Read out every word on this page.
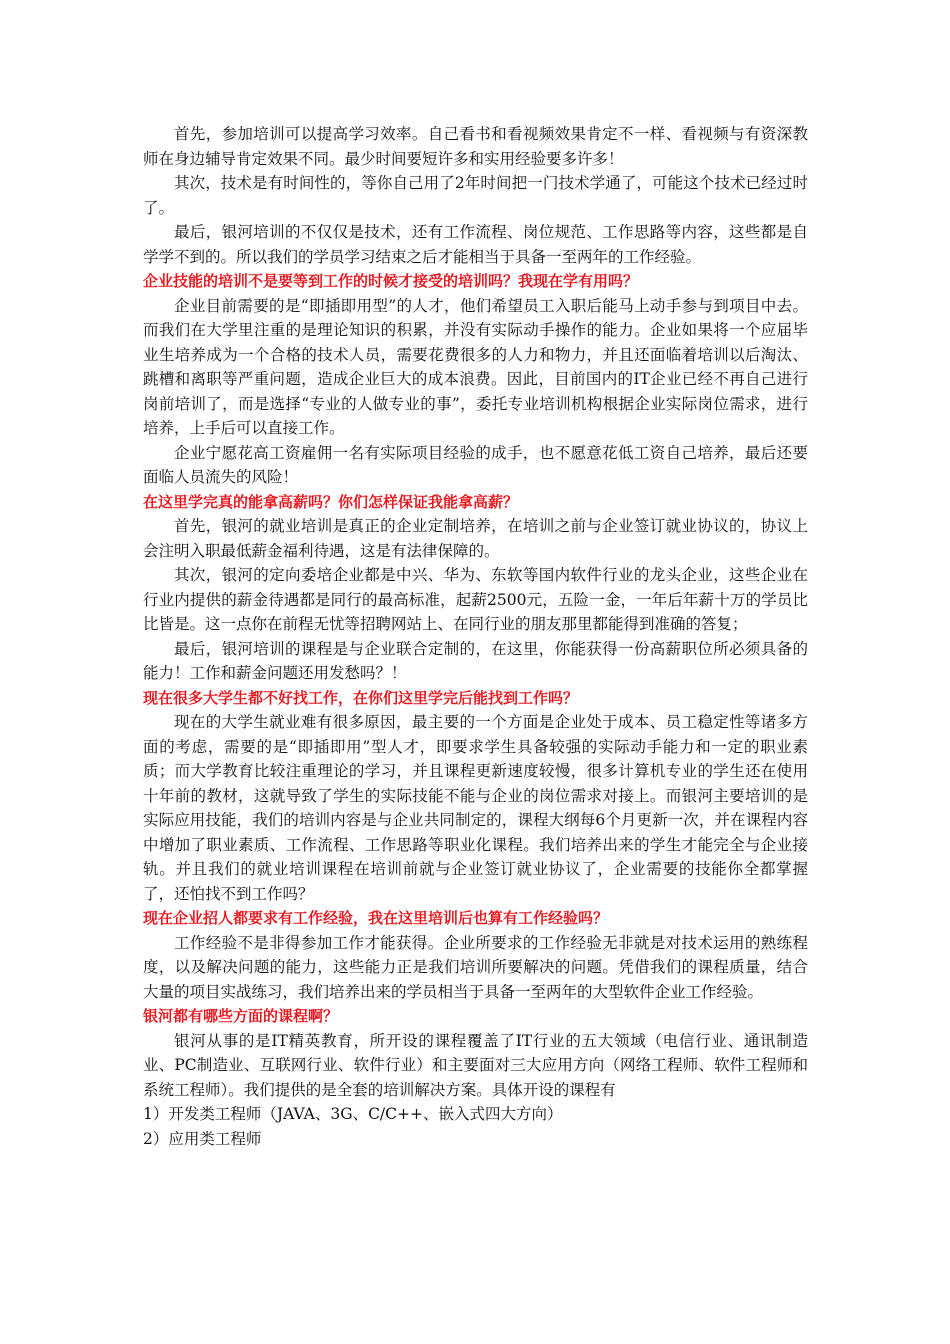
首先，参加培训可以提高学习效率。自己看书和看视频效果肯定不一样、看视频与有资深教师在身边辅导肯定效果不同。最少时间要短许多和实用经验要多许多！

其次，技术是有时间性的，等你自己用了2年时间把一门技术学通了，可能这个技术已经过时了。

最后，银河培训的不仅仅是技术，还有工作流程、岗位规范、工作思路等内容，这些都是自学学不到的。所以我们的学员学习结束之后才能相当于具备一至两年的工作经验。

企业技能的培训不是要等到工作的时候才接受的培训吗？我现在学有用吗？

企业目前需要的是“即插即用型”的人才，他们希望员工入职后能马上动手参与到项目中去。而我们在大学里注重的是理论知识的积累，并没有实际动手操作的能力。企业如果将一个应届毕业生培养成为一个合格的技术人员，需要花费很多的人力和物力，并且还面临着培训以后淘汰、跳槽和离职等严重问题，造成企业巨大的成本浪费。因此，目前国内的IT企业已经不再自己进行岗前培训了，而是选择“专业的人做专业的事”，委托专业培训机构根据企业实际岗位需求，进行培养，上手后可以直接工作。

企业宁愿花高工资雇佣一名有实际项目经验的成手，也不愿意花低工资自己培养，最后还要面临人员流失的风险！

在这里学完真的能拿高薪吗？你们怎样保证我能拿高薪？

首先，银河的就业培训是真正的企业定制培养，在培训之前与企业签订就业协议的，协议上会注明入职最低薪金福利待遇，这是有法律保障的。

其次，银河的定向委培企业都是中兴、华为、东软等国内软件行业的龙头企业，这些企业在行业内提供的薪金待遇都是同行的最高标准，起薪2500元，五险一金，一年后年薪十万的学员比比皆是。这一点你在前程无忧等招聘网站上、在同行业的朋友那里都能得到准确的答复；

最后，银河培训的课程是与企业联合定制的，在这里，你能获得一份高薪职位所必须具备的能力！工作和薪金问题还用发愁吗？！

现在很多大学生都不好找工作，在你们这里学完后能找到工作吗？

现在的大学生就业难有很多原因，最主要的一个方面是企业处于成本、员工稳定性等诸多方面的考虑，需要的是“即插即用”型人才，即要求学生具备较强的实际动手能力和一定的职业素质；而大学教育比较注重理论的学习，并且课程更新速度较慢，很多计算机专业的学生还在使用十年前的教材，这就导致了学生的实际技能不能与企业的岗位需求对接上。而银河主要培训的是实际应用技能，我们的培训内容是与企业共同制定的，课程大纲每6个月更新一次，并在课程内容中增加了职业素质、工作流程、工作思路等职业化课程。我们培养出来的学生才能完全与企业接轨。并且我们的就业培训课程在培训前就与企业签订就业协议了，企业需要的技能你全都掌握了，还怕找不到工作吗？

现在企业招人都要求有工作经验，我在这里培训后也算有工作经验吗？

工作经验不是非得参加工作才能获得。企业所要求的工作经验无非就是对技术运用的熟练程度，以及解决问题的能力，这些能力正是我们培训所要解决的问题。凭借我们的课程质量，结合大量的项目实战练习，我们培养出来的学员相当于具备一至两年的大型软件企业工作经验。

银河都有哪些方面的课程啊？

银河从事的是IT精英教育，所开设的课程覆盖了IT行业的五大领域（电信行业、通讯制造业、PC制造业、互联网行业、软件行业）和主要面对三大应用方向（网络工程师、软件工程师和系统工程师）。我们提供的是全套的培训解决方案。具体开设的课程有

1）开发类工程师（JAVA、3G、C/C++、嵌入式四大方向）

2）应用类工程师
